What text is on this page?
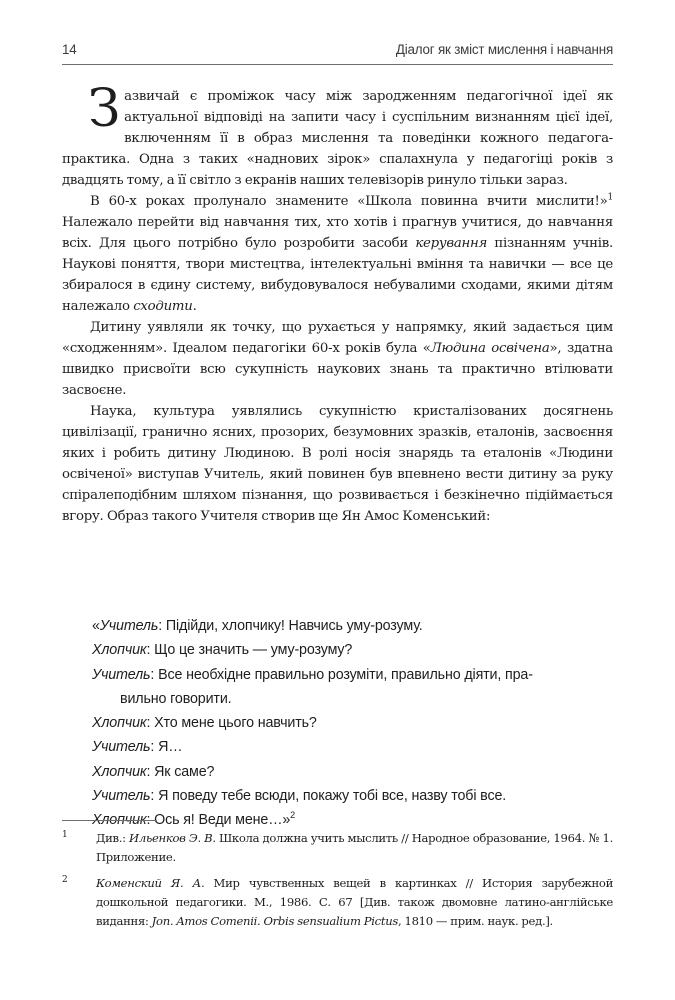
14	Діалог як зміст мислення і навчання

Зазвичай є проміжок часу між зародженням педагогічної ідеї як актуальної відповіді на запити часу і суспільним визнанням цієї ідеї, включенням її в образ мислення та поведінки кожного педагога-практика. Одна з таких «наднових зірок» спалахнула у педагогіці років з двадцять тому, а її світло з екранів наших телевізорів ринуло тільки зараз.

В 60-х роках пролунало знамените «Школа повинна вчити мислити!»$^1$ Належало перейти від навчання тих, хто хотів і прагнув учитися, до навчання всіх. Для цього потрібно було розробити засоби керування пізнанням учнів. Наукові поняття, твори мистецтва, інтелектуальні вміння та навички — все це збиралося в єдину систему, вибудовувалося небувалими сходами, якими дітям належало сходити.

Дитину уявляли як точку, що рухається у напрямку, який задається цим «сходженням». Ідеалом педагогіки 60-х років була «Людина освічена», здатна швидко присвоїти всю сукупність наукових знань та практично втілювати засвоєне.

Наука, культура уявлялись сукупністю кристалізованих досягнень цивілізації, гранично ясних, прозорих, безумовних зразків, еталонів, засвоєння яких і робить дитину Людиною. В ролі носія знарядь та еталонів «Людини освіченої» виступав Учитель, який повинен був впевнено вести дитину за руку спіралеподібним шляхом пізнання, що розвивається і безкінечно підіймається вгору. Образ такого Учителя створив ще Ян Амос Коменський:

«Учитель: Підійди, хлопчику! Навчись уму-розуму.
Хлопчик: Що це значить — уму-розуму?
Учитель: Все необхідне правильно розуміти, правильно діяти, пра-
вильно говорити.
Хлопчик: Хто мене цього навчить?
Учитель: Я…
Хлопчик: Як саме?
Учитель: Я поведу тебе всюди, покажу тобі все, назву тобі все.
Хлопчик: Ось я! Веди мене…»$^2$
1 Див.: Ильенков Э. В. Школа должна учить мыслить // Народное образование, 1964. № 1. Приложение.
2 Коменский Я. А. Мир чувственных вещей в картинках // История зарубежной дошкольной педагогики. М., 1986. С. 67 [Див. також двомовне латино-англійське видання: Jon. Amos Comenii. Orbis sensualium Pictus, 1810 — прим. наук. ред.].
